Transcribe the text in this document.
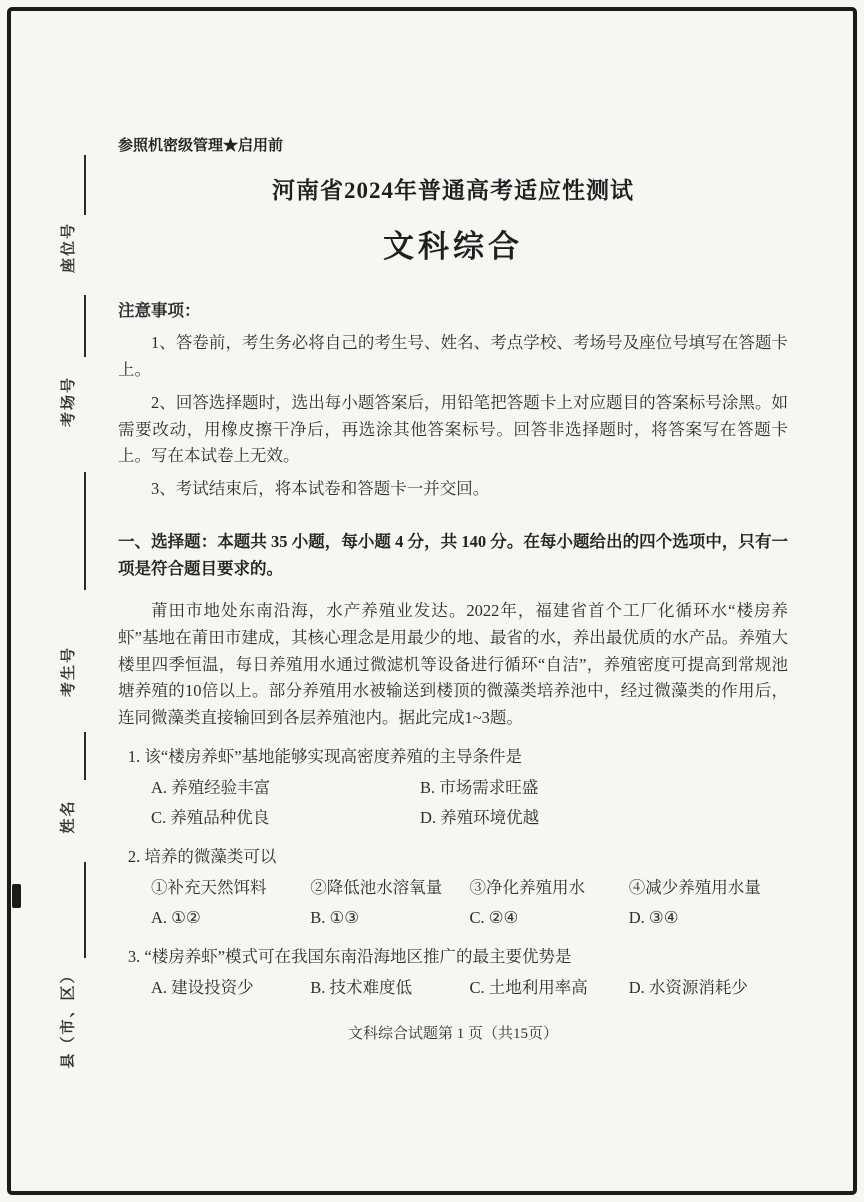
座位号
考场号
考生号
姓名
县（市、区）
参照机密级管理★启用前
河南省2024年普通高考适应性测试
文科综合
注意事项：

1、答卷前，考生务必将自己的考生号、姓名、考点学校、考场号及座位号填写在答题卡上。

2、回答选择题时，选出每小题答案后，用铅笔把答题卡上对应题目的答案标号涂黑。如需要改动，用橡皮擦干净后，再选涂其他答案标号。回答非选择题时，将答案写在答题卡上。写在本试卷上无效。

3、考试结束后，将本试卷和答题卡一并交回。

一、选择题：本题共 35 小题，每小题 4 分，共 140 分。在每小题给出的四个选项中，只有一项是符合题目要求的。

莆田市地处东南沿海，水产养殖业发达。2022年，福建省首个工厂化循环水“楼房养虾”基地在莆田市建成，其核心理念是用最少的地、最省的水，养出最优质的水产品。养殖大楼里四季恒温，每日养殖用水通过微滤机等设备进行循环“自洁”，养殖密度可提高到常规池塘养殖的10倍以上。部分养殖用水被输送到楼顶的微藻类培养池中，经过微藻类的作用后，连同微藻类直接输回到各层养殖池内。据此完成1~3题。

1. 该“楼房养虾”基地能够实现高密度养殖的主导条件是
A. 养殖经验丰富	B. 市场需求旺盛
C. 养殖品种优良	D. 养殖环境优越
2. 培养的微藻类可以
①补充天然饵料	②降低池水溶氧量	③净化养殖用水	④减少养殖用水量
A. ①②	B. ①③	C. ②④	D. ③④
3. “楼房养虾”模式可在我国东南沿海地区推广的最主要优势是
A. 建设投资少	B. 技术难度低	C. 土地利用率高	D. 水资源消耗少
文科综合试题第 1 页（共15页）
